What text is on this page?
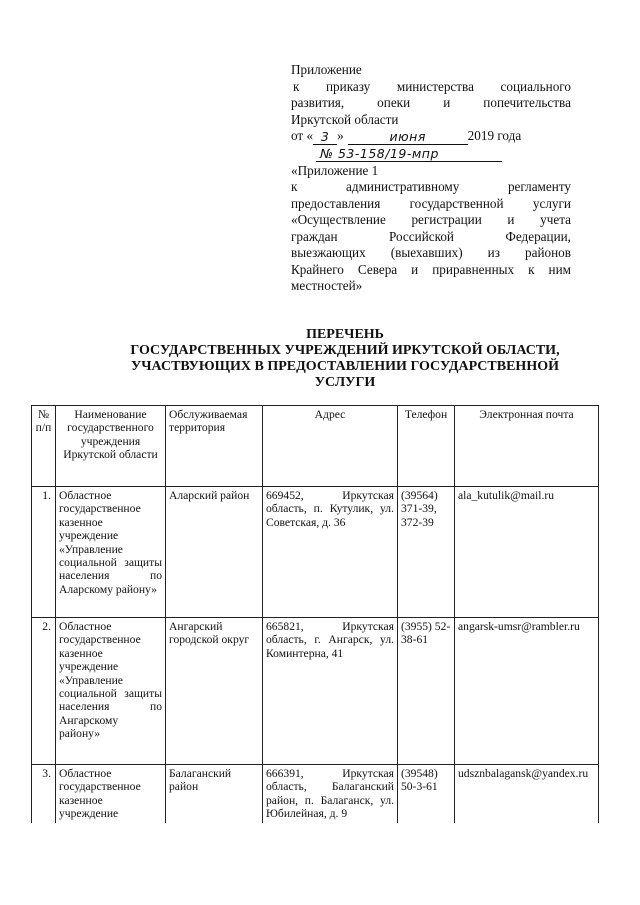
Приложение
к приказу министерства социального
развития,	опеки	и	попечительства
Иркутской области
от « 3 »	июня	2019 года
№ 53-158/19-мпр
«Приложение 1
к	административному	регламенту
предоставления государственной услуги
«Осуществление регистрации и учета
граждан	Российской	Федерации,
выезжающих (выехавших) из районов
Крайнего Севера и приравненных к ним
местностей»
ПЕРЕЧЕНЬ
ГОСУДАРСТВЕННЫХ УЧРЕЖДЕНИЙ ИРКУТСКОЙ ОБЛАСТИ,
УЧАСТВУЮЩИХ В ПРЕДОСТАВЛЕНИИ ГОСУДАРСТВЕННОЙ
УСЛУГИ
№ п/п	Наименование государственного учреждения Иркутской области	Обслуживаемая территория	Адрес	Телефон	Электронная почта
1.	Областное государственное казенное учреждение «Управление социальной защиты населения по Аларскому району»	Аларский район	669452, Иркутская область, п. Кутулик, ул. Советская, д. 36	(39564) 371-39, 372-39	ala_kutulik@mail.ru
2.	Областное государственное казенное учреждение «Управление социальной защиты населения по Ангарскому району»	Ангарский городской округ	665821, Иркутская область, г. Ангарск, ул. Коминтерна, 41	(3955) 52-38-61	angarsk-umsr@rambler.ru
3.	Областное государственное казенное учреждение	Балаганский район	666391, Иркутская область, Балаганский район, п. Балаганск, ул. Юбилейная, д. 9	(39548) 50-3-61	udsznbalagansk@yandex.ru
